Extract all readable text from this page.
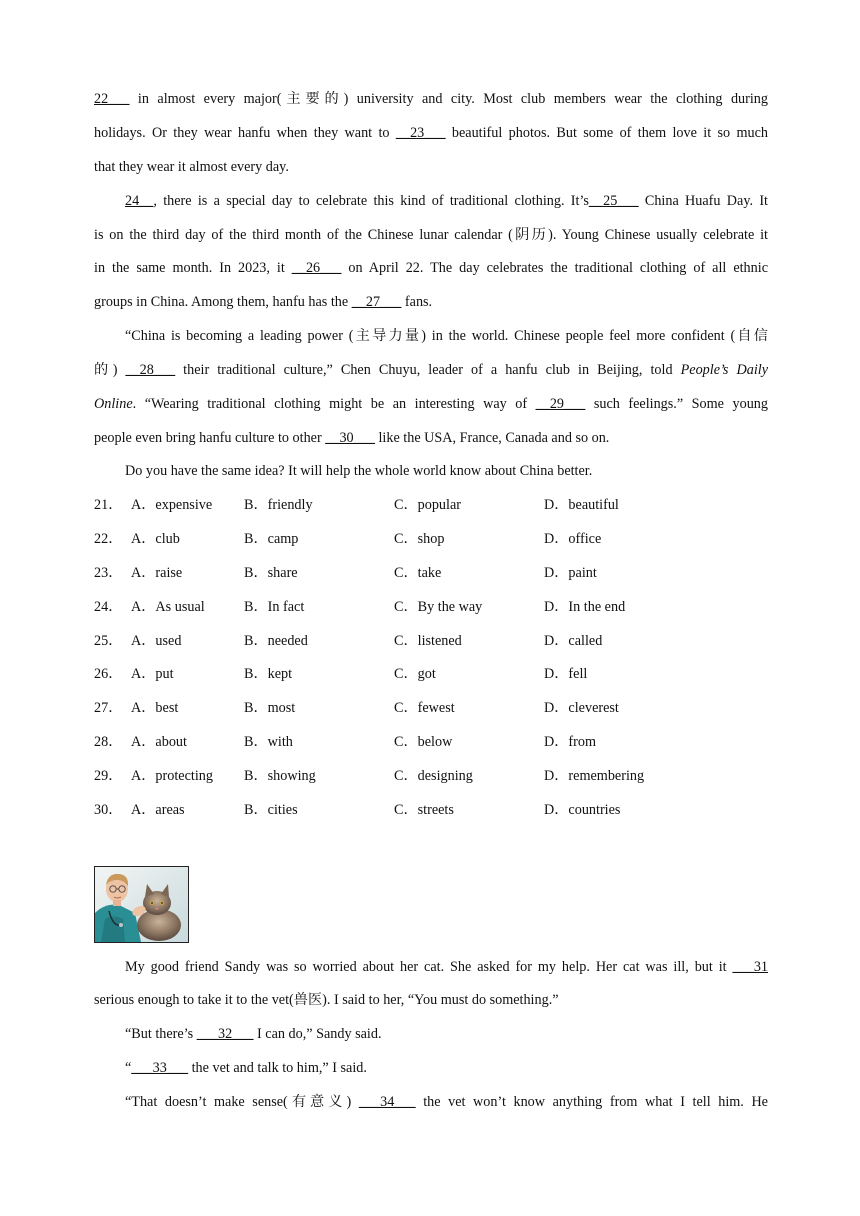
22___ in almost every major(主要的) university and city. Most club members wear the clothing during
holidays. Or they wear hanfu when they want to __23___ beautiful photos. But some of them love it so much
that they wear it almost every day.
24__, there is a special day to celebrate this kind of traditional clothing. It’s__25___ China Huafu Day. It
is on the third day of the third month of the Chinese lunar calendar (阴历). Young Chinese usually celebrate it
in the same month. In 2023, it __26___ on April 22. The day celebrates the traditional clothing of all ethnic
groups in China. Among them, hanfu has the __27___ fans.
“China is becoming a leading power (主导力量) in the world. Chinese people feel more confident (自信
的) __28___ their traditional culture,” Chen Chuyu, leader of a hanfu club in Beijing, told People’s Daily
Online. “Wearing traditional clothing might be an interesting way of __29___ such feelings.” Some young
people even bring hanfu culture to other __30___ like the USA, France, Canada and so on.
Do you have the same idea? It will help the whole world know about China better.
21． A．expensive B．friendly	C．popular	D．beautiful
22． A．club	B．camp	C．shop	D．office
23． A．raise	B．share	C．take	D．paint
24． A．As usual	B．In fact	C．By the way	D．In the end
25． A．used	B．needed	C．listened	D．called
26． A．put	B．kept	C．got	D．fell
27． A．best	B．most	C．fewest	D．cleverest
28． A．about	B．with	C．below	D．from
29． A．protecting B．showing	C．designing	D．remembering
30． A．areas	B．cities	C．streets	D．countries
My good friend Sandy was so worried about her cat. She asked for my help. Her cat was ill, but it ___31
serious enough to take it to the vet(兽医). I said to her, “You must do something.”
“But there’s ___32___ I can do,” Sandy said.
“___33___ the vet and talk to him,” I said.
“That doesn’t make sense(有意义) ___34___ the vet won’t know anything from what I tell him. He
